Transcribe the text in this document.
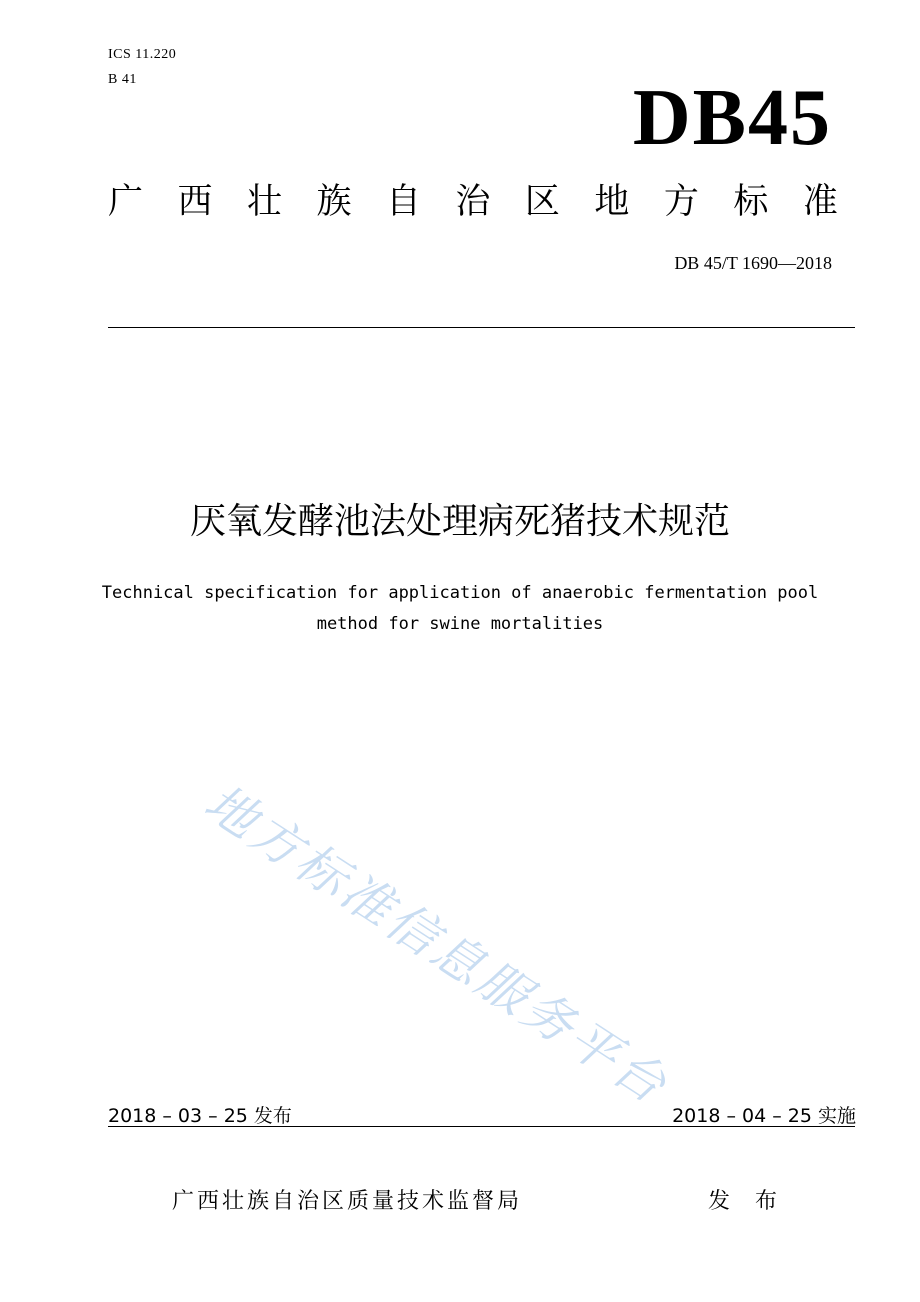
ICS 11.220
B 41	DB45
广 西 壮 族 自 治 区 地 方 标 准
DB 45/T 1690—2018
厌氧发酵池法处理病死猪技术规范
Technical specification for application of anaerobic fermentation pool
method for swine mortalities
地方标准信息服务平台
2018 – 03 – 25 发布	2018 – 04 – 25 实施
广西壮族自治区质量技术监督局	发 布
